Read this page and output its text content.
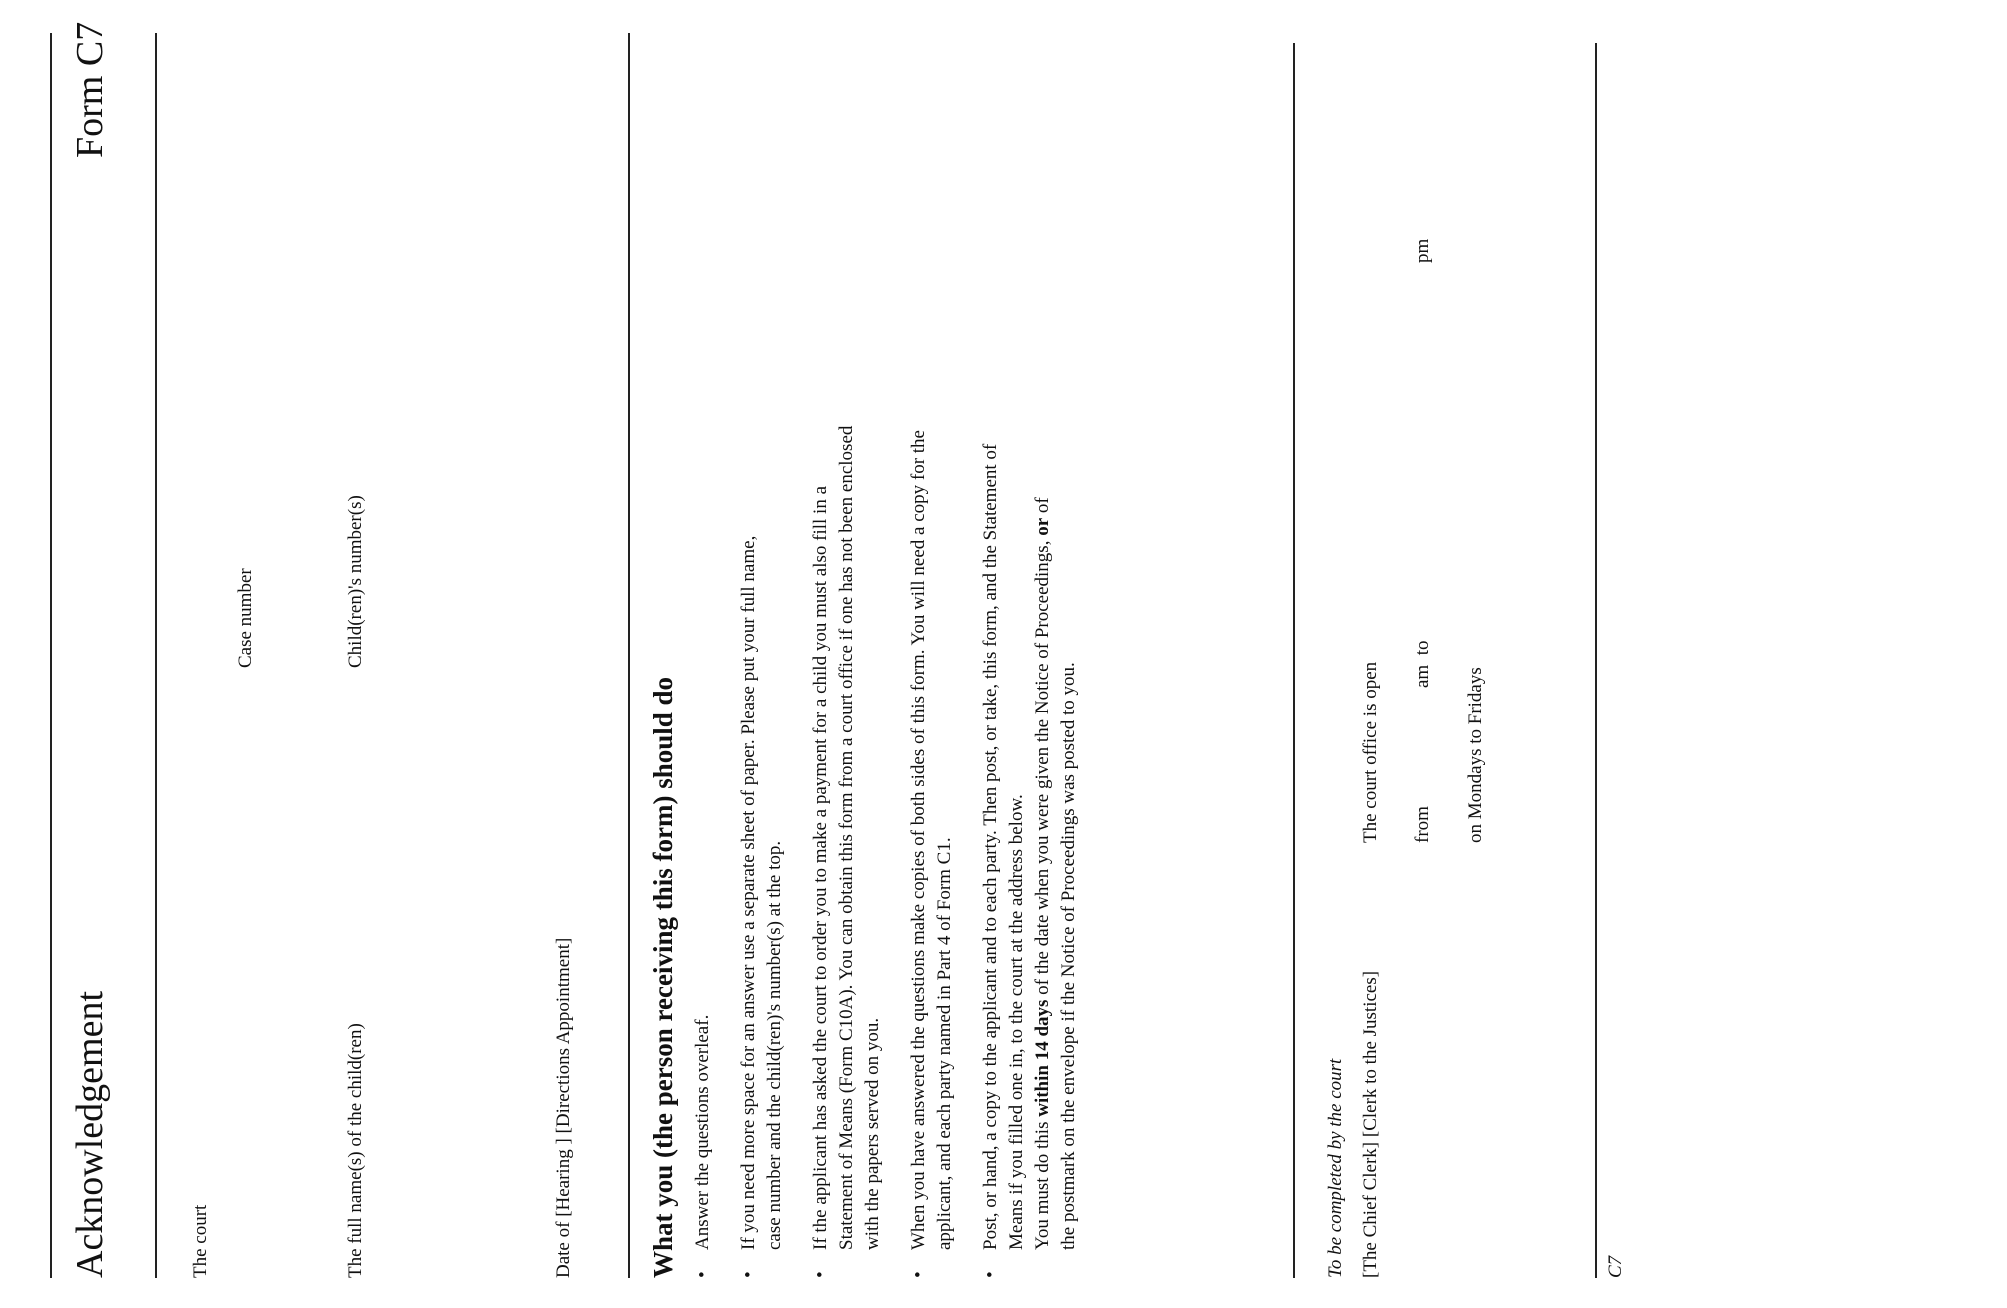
Acknowledgement
Form C7
The court
Case number
The full name(s) of the child(ren)
Child(ren)'s number(s)
Date of [Hearing ] [Directions Appointment]	What you (the person receiving this form) should do •
Answer the questions overleaf.
•
If you need more space for an answer use a separate sheet of paper. Please put your full name, case number and the child(ren)'s number(s) at the top.
•
If the applicant has asked the court to order you to make a payment for a child you must also fill in a Statement of Means (Form C10A). You can obtain this form from a court office if one has not been enclosed with the papers served on you.
•
When you have answered the questions make copies of both sides of this form. You will need a copy for the applicant, and each party named in Part 4 of Form C1.
•
Post, or hand, a copy to the applicant and to each party. Then post, or take, this form, and the Statement of Means if you filled one in, to the court at the address below. You must do this within 14 days of the date when you were given the Notice of Proceedings, or of
the postmark on the envelope if the Notice of Proceedings was posted to you.	To be completed by the court [The Chief Clerk] [Clerk to the Justices]
The court office is open from
am  to
pm
on Mondays to Fridays
C7
